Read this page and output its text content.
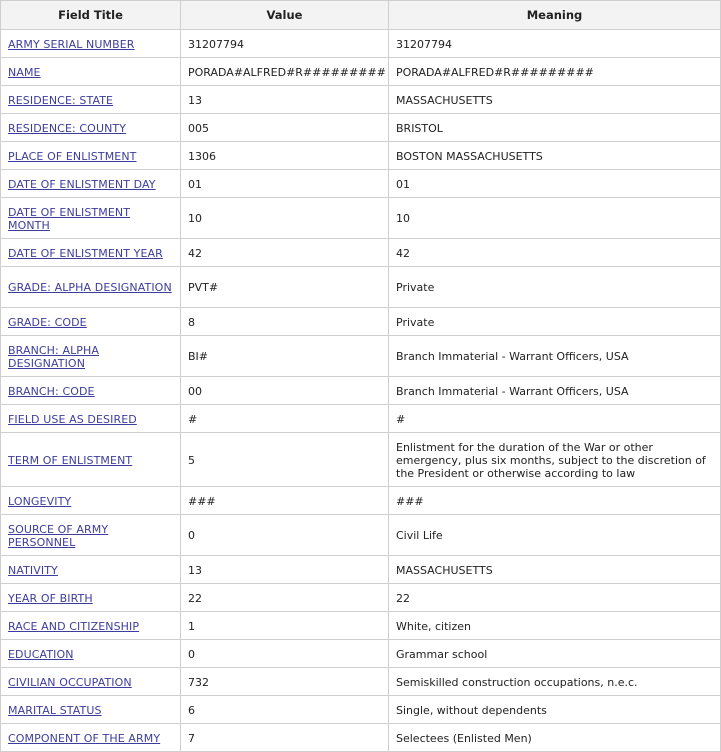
Field Title	Value	Meaning
ARMY SERIAL NUMBER	31207794	31207794
NAME	PORADA#ALFRED#R#########	PORADA#ALFRED#R#########
RESIDENCE: STATE	13	MASSACHUSETTS
RESIDENCE: COUNTY	005	BRISTOL
PLACE OF ENLISTMENT	1306	BOSTON MASSACHUSETTS
DATE OF ENLISTMENT DAY	01	01
DATE OF ENLISTMENT MONTH	10	10
DATE OF ENLISTMENT YEAR	42	42
GRADE: ALPHA DESIGNATION	PVT#	Private
GRADE: CODE	8	Private
BRANCH: ALPHA DESIGNATION	BI#	Branch Immaterial - Warrant Officers, USA
BRANCH: CODE	00	Branch Immaterial - Warrant Officers, USA
FIELD USE AS DESIRED	#	#
TERM OF ENLISTMENT	5	Enlistment for the duration of the War or other emergency, plus six months, subject to the discretion of the President or otherwise according to law
LONGEVITY	###	###
SOURCE OF ARMY PERSONNEL	0	Civil Life
NATIVITY	13	MASSACHUSETTS
YEAR OF BIRTH	22	22
RACE AND CITIZENSHIP	1	White, citizen
EDUCATION	0	Grammar school
CIVILIAN OCCUPATION	732	Semiskilled construction occupations, n.e.c.
MARITAL STATUS	6	Single, without dependents
COMPONENT OF THE ARMY	7	Selectees (Enlisted Men)
